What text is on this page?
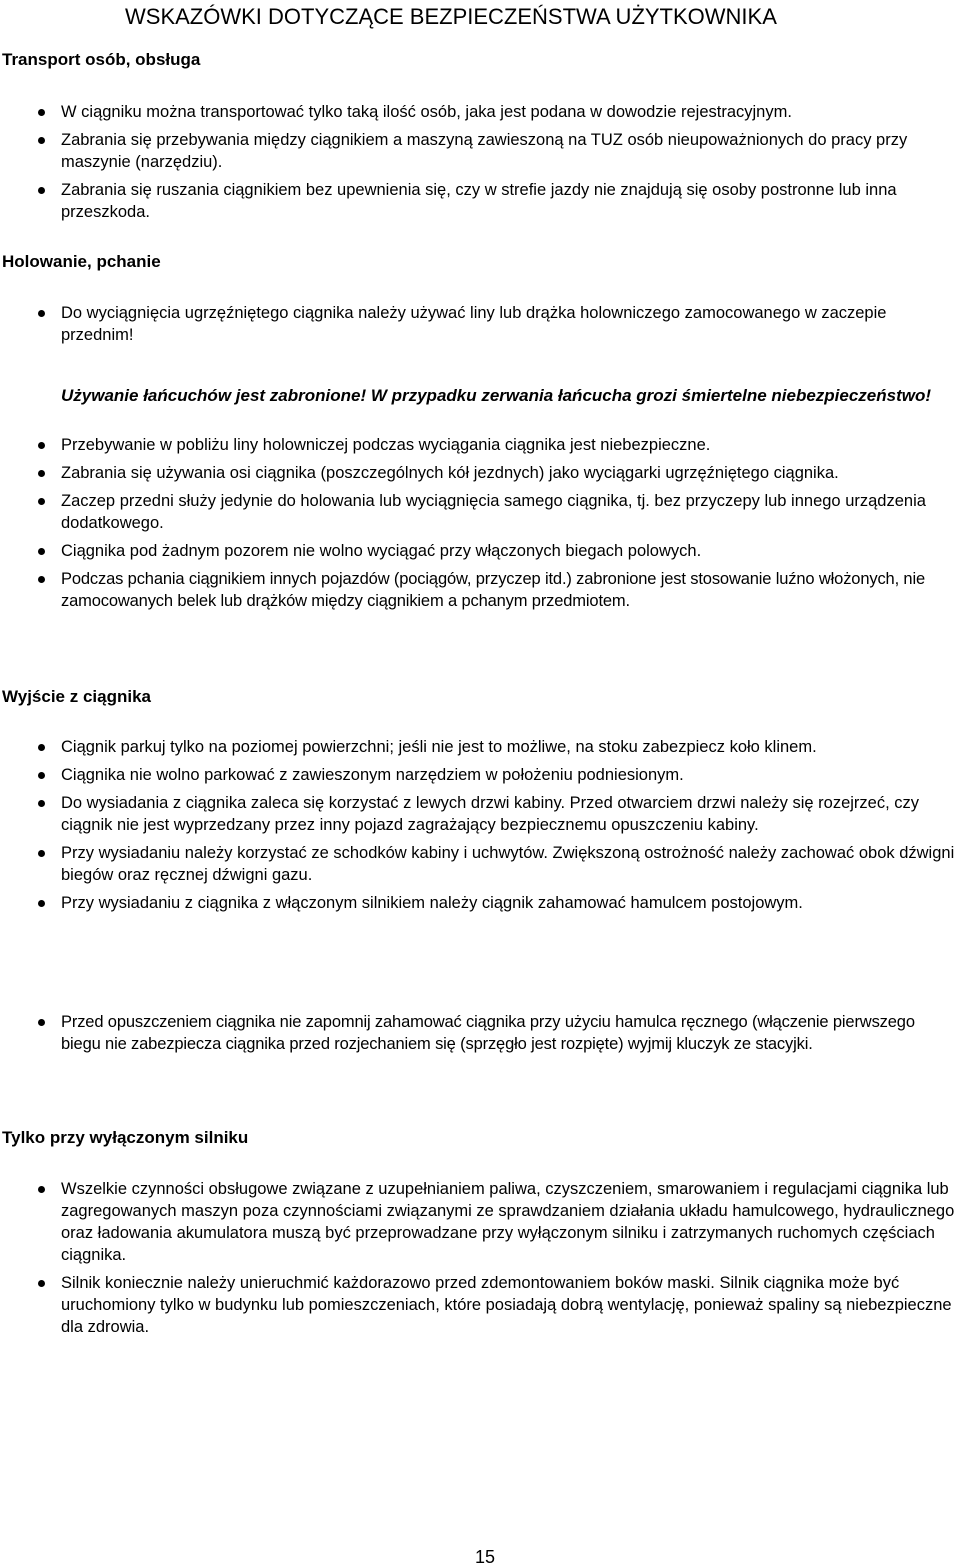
WSKAZÓWKI DOTYCZĄCE BEZPIECZEŃSTWA UŻYTKOWNIKA
Transport osób, obsługa
W ciągniku można transportować tylko taką ilość osób, jaka jest podana w dowodzie rejestracyjnym.
Zabrania się przebywania między ciągnikiem a maszyną zawieszoną na TUZ osób nieupoważnionych do pracy przy maszynie (narzędziu).
Zabrania się ruszania ciągnikiem bez upewnienia się, czy w strefie jazdy nie znajdują się osoby postronne lub inna przeszkoda.
Holowanie, pchanie
Do wyciągnięcia ugrzęźniętego ciągnika należy używać liny lub drążka holowniczego zamocowanego w zaczepie przednim!

Używanie łańcuchów jest zabronione! W przypadku zerwania łańcucha grozi śmiertelne niebezpieczeństwo!

Przebywanie w pobliżu liny holowniczej podczas wyciągania ciągnika jest niebezpieczne.
Zabrania się używania osi ciągnika (poszczególnych kół jezdnych) jako wyciągarki ugrzęźniętego ciągnika.
Zaczep przedni służy jedynie do holowania lub wyciągnięcia samego ciągnika, tj. bez przyczepy lub innego urządzenia dodatkowego.
Ciągnika pod żadnym pozorem nie wolno wyciągać przy włączonych biegach polowych.
Podczas pchania ciągnikiem innych pojazdów (pociągów, przyczep itd.) zabronione jest stosowanie luźno włożonych, nie zamocowanych belek lub drążków między ciągnikiem a pchanym przedmiotem.
Wyjście z ciągnika
Ciągnik parkuj tylko na poziomej powierzchni; jeśli nie jest to możliwe, na stoku zabezpiecz koło klinem.
Ciągnika nie wolno parkować z zawieszonym narzędziem w położeniu podniesionym.
Do wysiadania z ciągnika zaleca się korzystać z lewych drzwi kabiny. Przed otwarciem drzwi należy się rozejrzeć, czy ciągnik nie jest wyprzedzany przez inny pojazd zagrażający bezpiecznemu opuszczeniu kabiny.
Przy wysiadaniu należy korzystać ze schodków kabiny i uchwytów. Zwiększoną ostrożność należy zachować obok dźwigni biegów oraz ręcznej dźwigni gazu.
Przy wysiadaniu z ciągnika z włączonym silnikiem należy ciągnik zahamować hamulcem postojowym.
Przed opuszczeniem ciągnika nie zapomnij zahamować ciągnika przy użyciu hamulca ręcznego (włączenie pierwszego biegu nie zabezpiecza ciągnika przed rozjechaniem się (sprzęgło jest rozpięte) wyjmij kluczyk ze stacyjki.
Tylko przy wyłączonym silniku
Wszelkie czynności obsługowe związane z uzupełnianiem paliwa, czyszczeniem, smarowaniem i regulacjami ciągnika lub zagregowanych maszyn poza czynnościami związanymi ze sprawdzaniem działania układu hamulcowego, hydraulicznego oraz ładowania akumulatora muszą być przeprowadzane przy wyłączonym silniku i zatrzymanych ruchomych częściach ciągnika.
Silnik koniecznie należy unieruchmić każdorazowo przed zdemontowaniem boków maski. Silnik ciągnika może być uruchomiony tylko w budynku lub pomieszczeniach, które posiadają dobrą wentylację, ponieważ spaliny są niebezpieczne dla zdrowia.
15
